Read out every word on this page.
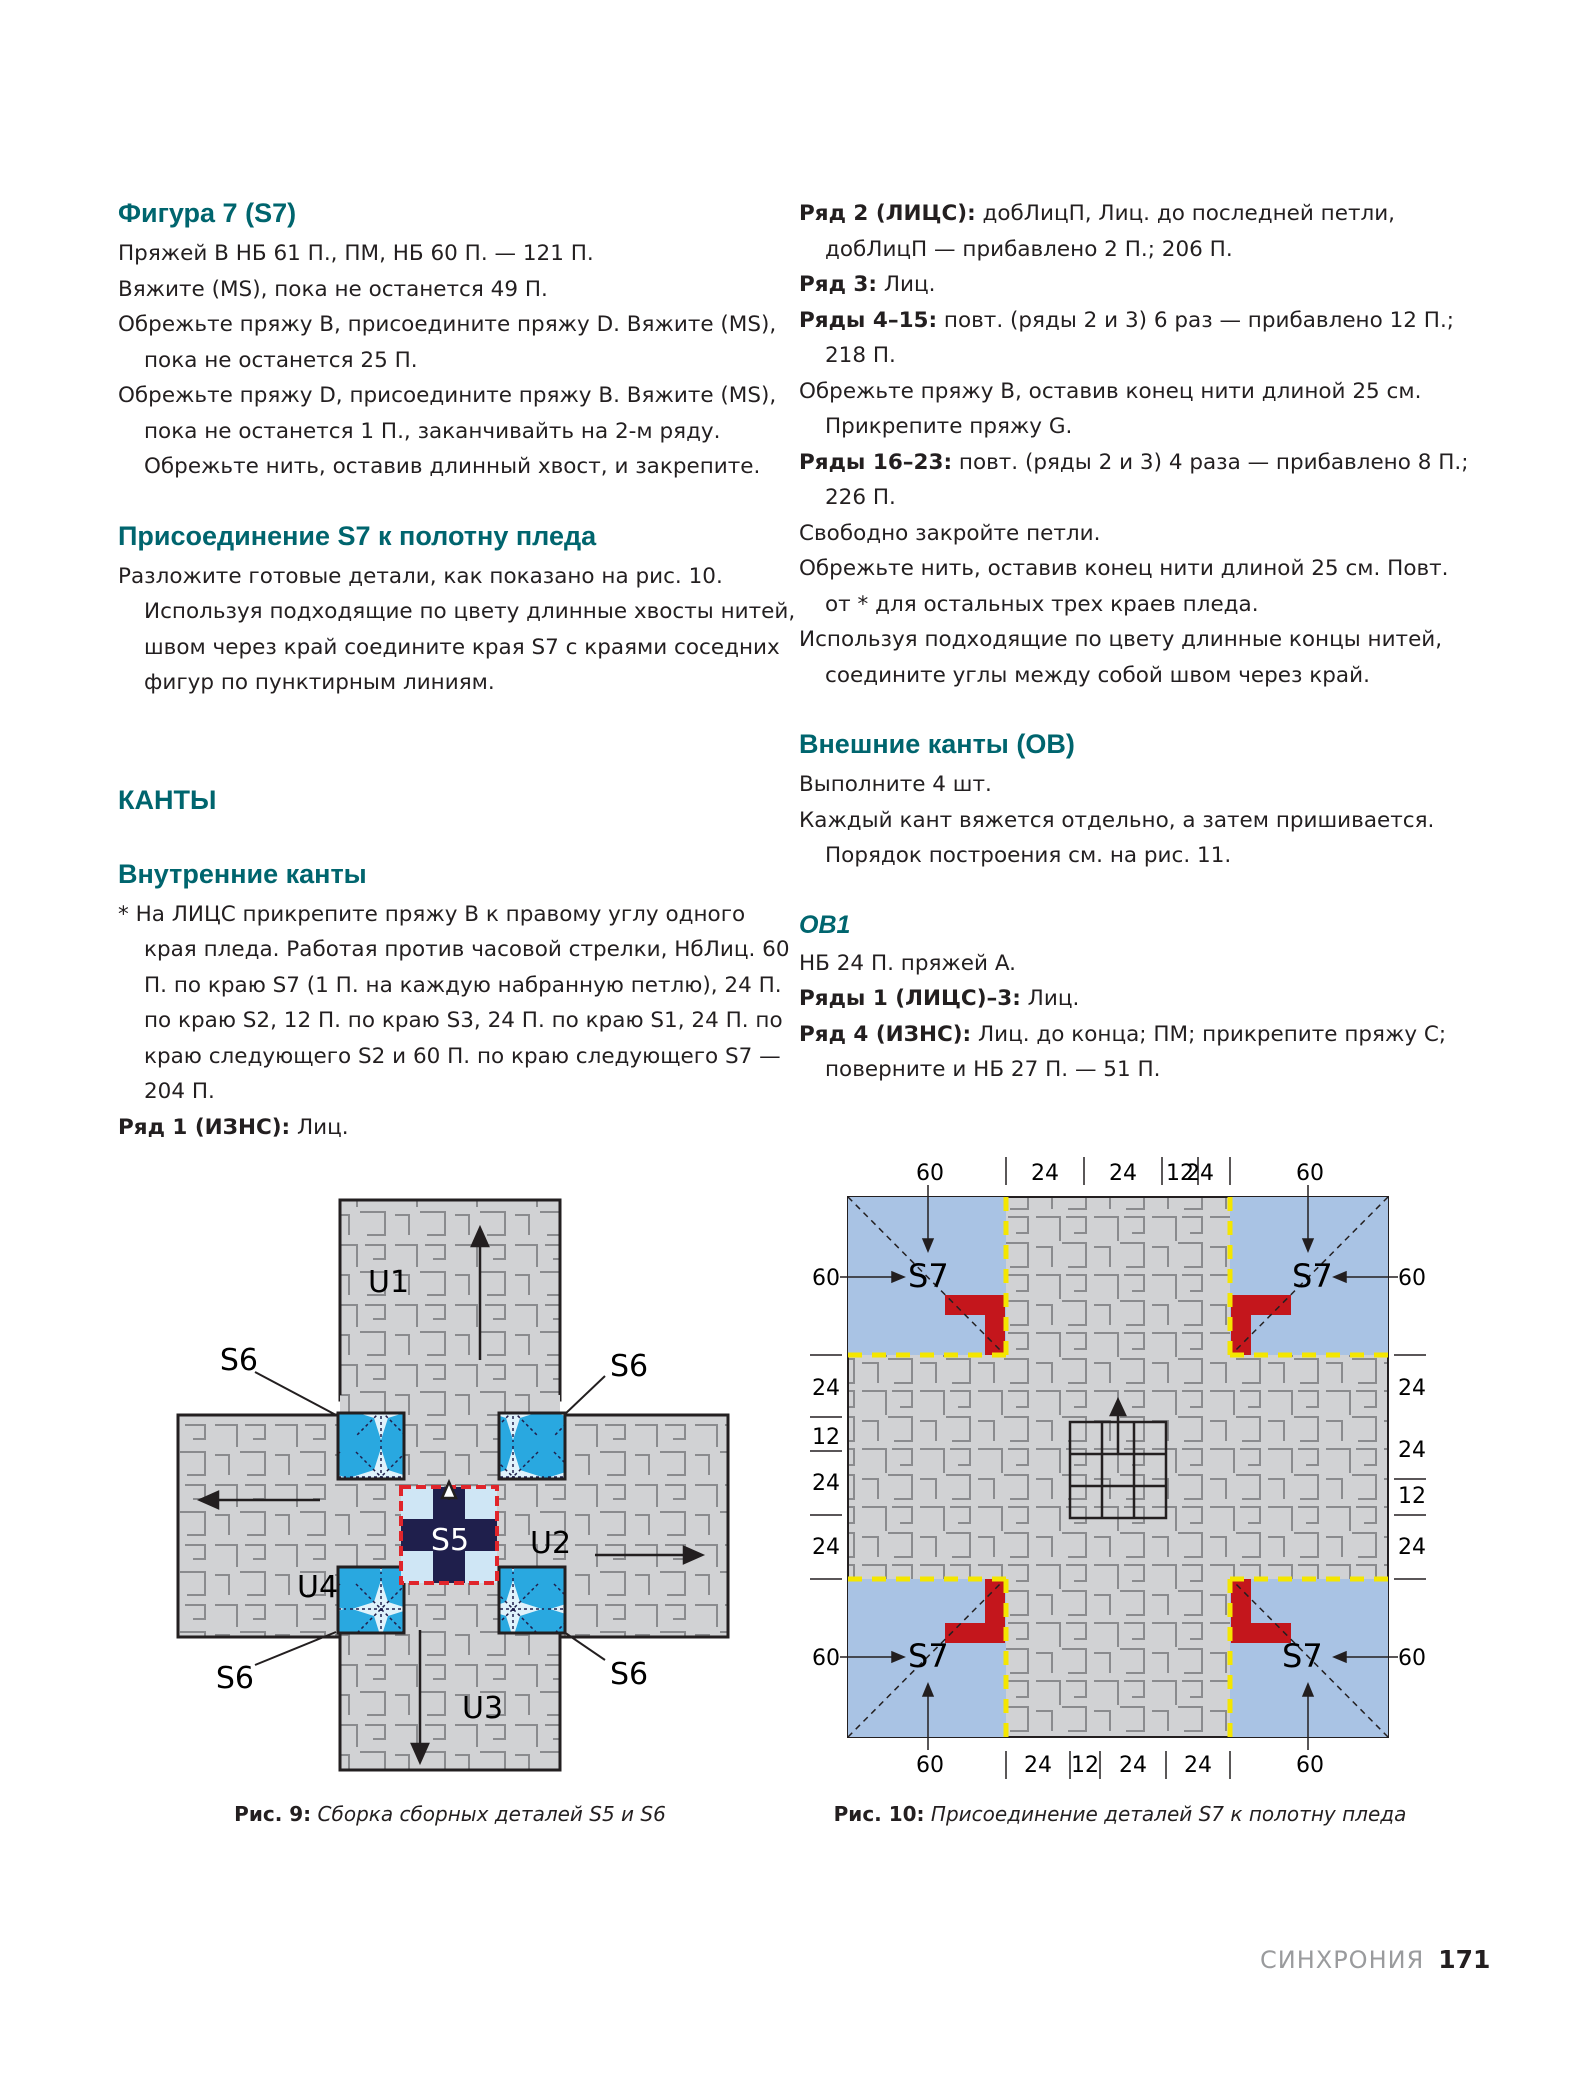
Фигура 7 (S7)

Пряжей B НБ 61 П., ПМ, НБ 60 П. — 121 П.

Вяжите (MS), пока не останется 49 П.

Обрежьте пряжу B, присоедините пряжу D. Вяжите (MS), пока не останется 25 П.

Обрежьте пряжу D, присоедините пряжу B. Вяжите (MS), пока не останется 1 П., заканчивайть на 2-м ряду. Обрежьте нить, оставив длинный хвост, и закрепите.

Присоединение S7 к полотну пледа

Разложите готовые детали, как показано на рис. 10. Используя подходящие по цвету длинные хвосты нитей, швом через край соедините края S7 с краями соседних фигур по пунктирным линиям.

КАНТЫ
Внутренние канты

* На ЛИЦС прикрепите пряжу B к правому углу одного края пледа. Работая против часовой стрелки, НбЛиц. 60 П. по краю S7 (1 П. на каждую набранную петлю), 24 П. по краю S2, 12 П. по краю S3, 24 П. по краю S1, 24 П. по краю следующего S2 и 60 П. по краю следующего S7 — 204 П.

Ряд 1 (ИЗНС): Лиц.

Ряд 2 (ЛИЦС): добЛицП, Лиц. до последней петли, добЛицП — прибавлено 2 П.; 206 П.

Ряд 3: Лиц.

Ряды 4–15: повт. (ряды 2 и 3) 6 раз — прибавлено 12 П.; 218 П.

Обрежьте пряжу B, оставив конец нити длиной 25 см. Прикрепите пряжу G.

Ряды 16–23: повт. (ряды 2 и 3) 4 раза — прибавлено 8 П.; 226 П.

Свободно закройте петли.

Обрежьте нить, оставив конец нити длиной 25 см. Повт. от * для остальных трех краев пледа.

Используя подходящие по цвету длинные концы нитей, соедините углы между собой швом через край.

Внешние канты (OB)

Выполните 4 шт.

Каждый кант вяжется отдельно, а затем пришивается. Порядок построения см. на рис. 11.

OB1

НБ 24 П. пряжей A.

Ряды 1 (ЛИЦС)–3: Лиц.

Ряд 4 (ИЗНС): Лиц. до конца; ПМ; прикрепите пряжу C; поверните и НБ 27 П. — 51 П.

S6	S6
S6	S6
U1
U2
U3
U4
S5
Рис. 9: Сборка сборных деталей S5 и S6
60	24 24 12
24	60
60	24 12 24 24	60
60
24
12
24
24
60
60
24
24
12
24
60
S7	S7
S7	S7
Рис. 10: Присоединение деталей S7 к полотну пледа
СИНХРОНИЯ 171
